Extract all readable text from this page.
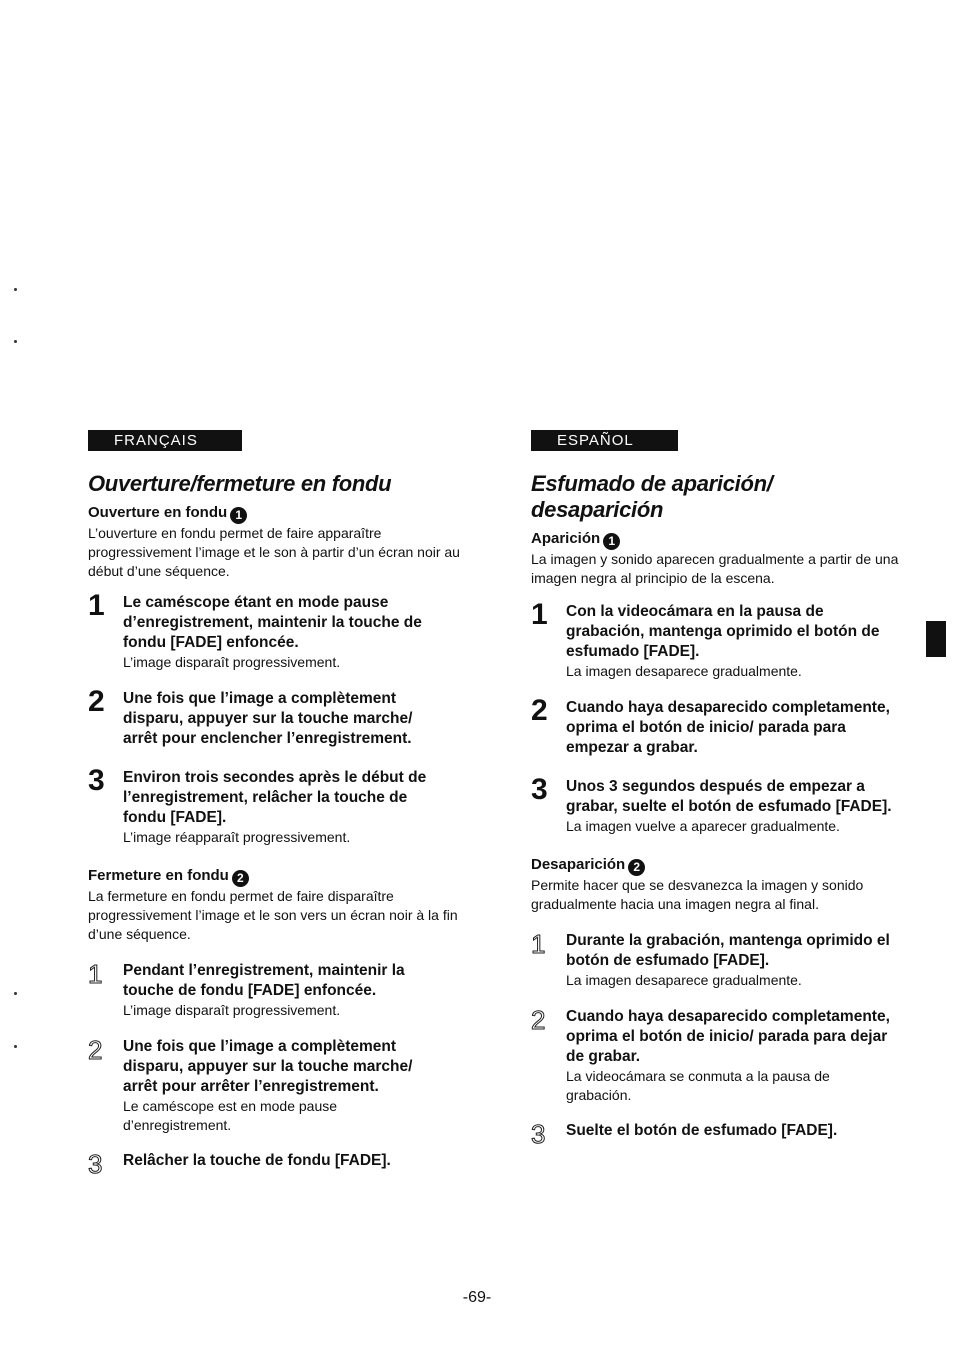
FRANÇAIS
Ouverture/fermeture en fondu

Ouverture en fondu 1

L’ouverture en fondu permet de faire apparaître progressivement l’image et le son à partir d’un écran noir au début d’une séquence.

1	Le caméscope étant en mode pause d’enregistrement, maintenir la touche de fondu [FADE] enfoncée.

L’image disparaît progressivement.

2	Une fois que l’image a complètement disparu, appuyer sur la touche marche/ arrêt pour enclencher l’enregistrement.

3	Environ trois secondes après le début de l’enregistrement, relâcher la touche de fondu [FADE].

L’image réapparaît progressivement.

Fermeture en fondu 2

La fermeture en fondu permet de faire disparaître progressivement l’image et le son vers un écran noir à la fin d’une séquence.

1	Pendant l’enregistrement, maintenir la touche de fondu [FADE] enfoncée.

L’image disparaît progressivement.

2	Une fois que l’image a complètement disparu, appuyer sur la touche marche/ arrêt pour arrêter l’enregistrement.

Le caméscope est en mode pause d’enregistrement.

3	Relâcher la touche de fondu [FADE].

ESPAÑOL
Esfumado de aparición/ desaparición

Aparición 1

La imagen y sonido aparecen gradualmente a partir de una imagen negra al principio de la escena.

1	Con la videocámara en la pausa de grabación, mantenga oprimido el botón de esfumado [FADE].

La imagen desaparece gradualmente.

2	Cuando haya desaparecido completamente, oprima el botón de inicio/ parada para empezar a grabar.

3	Unos 3 segundos después de empezar a grabar, suelte el botón de esfumado [FADE].

La imagen vuelve a aparecer gradualmente.

Desaparición 2

Permite hacer que se desvanezca la imagen y sonido gradualmente hacia una imagen negra al final.

1	Durante la grabación, mantenga oprimido el botón de esfumado [FADE].

La imagen desaparece gradualmente.

2	Cuando haya desaparecido completamente, oprima el botón de inicio/ parada para dejar de grabar.

La videocámara se conmuta a la pausa de grabación.

3	Suelte el botón de esfumado [FADE].

-69-
